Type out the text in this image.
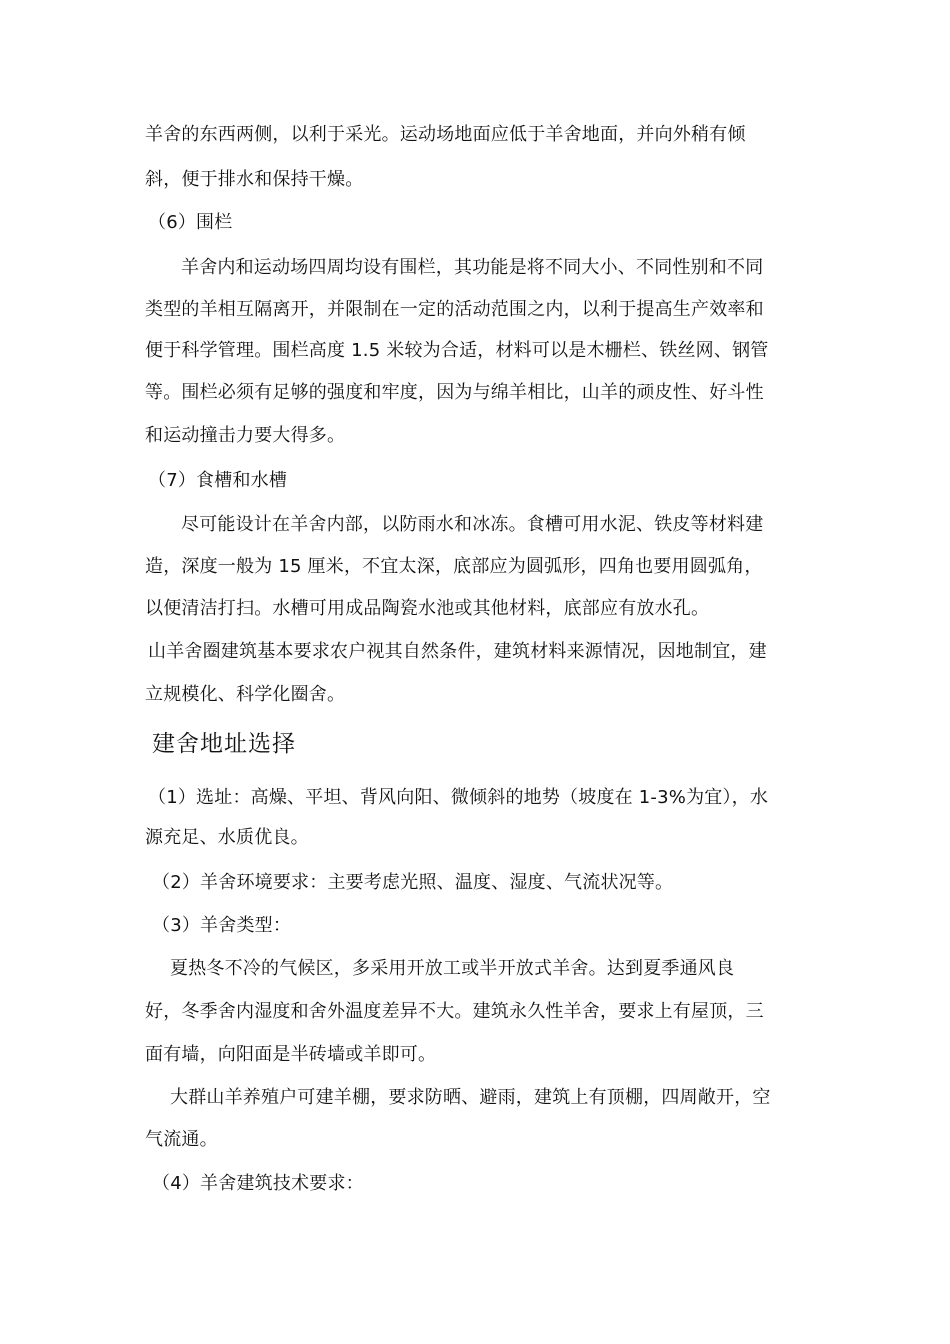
羊舍的东西两侧，以利于采光。运动场地面应低于羊舍地面，并向外稍有倾
斜，便于排水和保持干燥。
（6）围栏
羊舍内和运动场四周均设有围栏，其功能是将不同大小、不同性别和不同
类型的羊相互隔离开，并限制在一定的活动范围之内，以利于提高生产效率和
便于科学管理。围栏高度 1.5 米较为合适，材料可以是木栅栏、铁丝网、钢管
等。围栏必须有足够的强度和牢度，因为与绵羊相比，山羊的顽皮性、好斗性
和运动撞击力要大得多。
（7）食槽和水槽
尽可能设计在羊舍内部，以防雨水和冰冻。食槽可用水泥、铁皮等材料建
造，深度一般为 15 厘米，不宜太深，底部应为圆弧形，四角也要用圆弧角，
以便清洁打扫。水槽可用成品陶瓷水池或其他材料，底部应有放水孔。
山羊舍圈建筑基本要求农户视其自然条件，建筑材料来源情况，因地制宜，建
立规模化、科学化圈舍。
建舍地址选择
（1）选址：高燥、平坦、背风向阳、微倾斜的地势（坡度在 1-3%为宜），水
源充足、水质优良。
（2）羊舍环境要求：主要考虑光照、温度、湿度、气流状况等。
（3）羊舍类型：
夏热冬不冷的气候区，多采用开放工或半开放式羊舍。达到夏季通风良
好，冬季舍内湿度和舍外温度差异不大。建筑永久性羊舍，要求上有屋顶，三
面有墙，向阳面是半砖墙或羊即可。
大群山羊养殖户可建羊棚，要求防晒、避雨，建筑上有顶棚，四周敞开，空
气流通。
（4）羊舍建筑技术要求：
